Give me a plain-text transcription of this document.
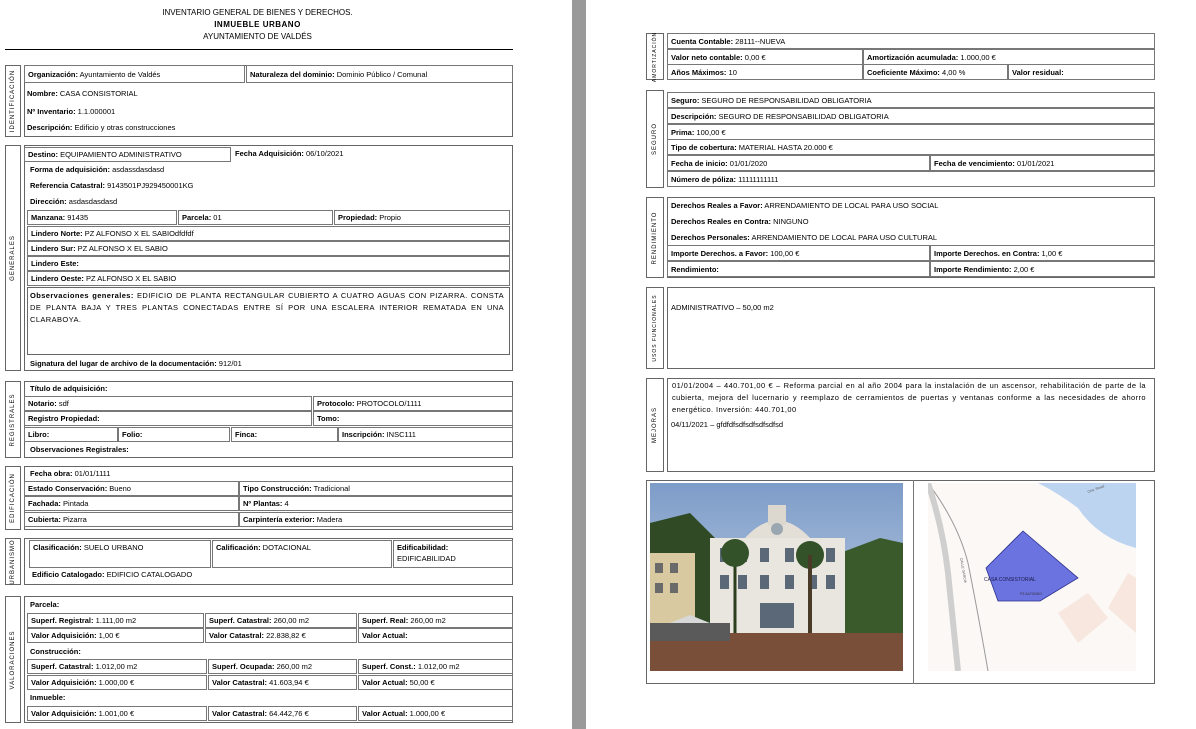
INVENTARIO GENERAL DE BIENES Y DERECHOS.
INMUEBLE URBANO
AYUNTAMIENTO DE VALDÉS
IDENTIFICACIÓN	Organización: Ayuntamiento de Valdés	Naturaleza del dominio: Dominio Público / Comunal
Nombre: CASA CONSISTORIAL
Nº Inventario: 1.1.000001
Descripción: Edificio y otras construcciones
GENERALES
Destino: EQUIPAMIENTO ADMINISTRATIVO	Fecha Adquisición: 06/10/2021
Forma de adquisición: asdassdasdasd
Referencia Catastral: 9143501PJ929450001KG
Dirección: asdasdasdasd
Manzana: 91435	Parcela: 01	Propiedad: Propio
Lindero Norte: PZ ALFONSO X EL SABIOdfdfdf
Lindero Sur: PZ ALFONSO X EL SABIO
Lindero Este:
Lindero Oeste: PZ ALFONSO X EL SABIO
Observaciones generales: EDIFICIO DE PLANTA RECTANGULAR CUBIERTO A CUATRO AGUAS CON PIZARRA. CONSTA DE PLANTA BAJA Y TRES PLANTAS CONECTADAS ENTRE SÍ POR UNA ESCALERA INTERIOR REMATADA EN UNA CLARABOYA.
Signatura del lugar de archivo de la documentación: 912/01
REGISTRALES
Título de adquisición:
Notario: sdf	Protocolo: PROTOCOLO/1111
Registro Propiedad:	Tomo:
Libro:	Folio:	Finca:	Inscripción: INSC111
Observaciones Registrales:
EDIFICACIÓN	Fecha obra: 01/01/1111
Estado Conservación: Bueno	Tipo Construcción: Tradicional
Fachada: Pintada	Nº Plantas: 4
Cubierta: Pizarra	Carpintería exterior: Madera
URBANISMO	Clasificación: SUELO URBANO	Calificación: DOTACIONAL	Edificabilidad:
EDIFICABILIDAD
Edificio Catalogado: EDIFICIO CATALOGADO
VALORACIONES
Parcela:
Superf. Registral: 1.111,00 m2	Superf. Catastral: 260,00 m2	Superf. Real: 260,00 m2
Valor Adquisición: 1,00 €	Valor Catastral: 22.838,82 €	Valor Actual:
Construcción:
Superf. Catastral: 1.012,00 m2	Superf. Ocupada: 260,00 m2	Superf. Const.: 1.012,00 m2
Valor Adquisición: 1.000,00 €	Valor Catastral: 41.603,94 €	Valor Actual: 50,00 €
Inmueble:
Valor Adquisición: 1.001,00 €	Valor Catastral: 64.442,76 €	Valor Actual: 1.000,00 €
AMORTIZACIÓN	Cuenta Contable: 28111--NUEVA
Valor neto contable: 0,00 €	Amortización acumulada: 1.000,00 €
Años Máximos: 10	Coeficiente Máximo: 4,00 %	Valor residual:
SEGURO
Seguro: SEGURO DE RESPONSABILIDAD OBLIGATORIA
Descripción: SEGURO DE RESPONSABILIDAD OBLIGATORIA
Prima: 100,00 €
Tipo de cobertura: MATERIAL HASTA 20.000 €
Fecha de inicio: 01/01/2020	Fecha de vencimiento: 01/01/2021
Número de póliza: 11111111111
RENDIMIENTO
Derechos Reales a Favor: ARRENDAMIENTO DE LOCAL PARA USO SOCIAL
Derechos Reales en Contra: NINGUNO
Derechos Personales: ARRENDAMIENTO DE LOCAL PARA USO CULTURAL
Importe Derechos. a Favor: 100,00 €	Importe Derechos. en Contra: 1,00 €
Rendimiento:	Importe Rendimiento: 2,00 €
USOS FUNCIONALES	ADMINISTRATIVO – 50,00 m2
MEJORAS
01/01/2004 – 440.701,00 € – Reforma parcial en al año 2004 para la instalación de un ascensor, rehabilitación de parte de la cubierta, mejora del lucernario y reemplazo de cerramientos de puertas y ventanas conforme a las necesidades de ahorro energético. Inversión: 440.701,00
04/11/2021 – gfdfdfsdfsdfsdfsdfsd
CASA CONSISTORIAL
Ctra. Rosal
CALLE GARCIA
PZ ALFONSO
